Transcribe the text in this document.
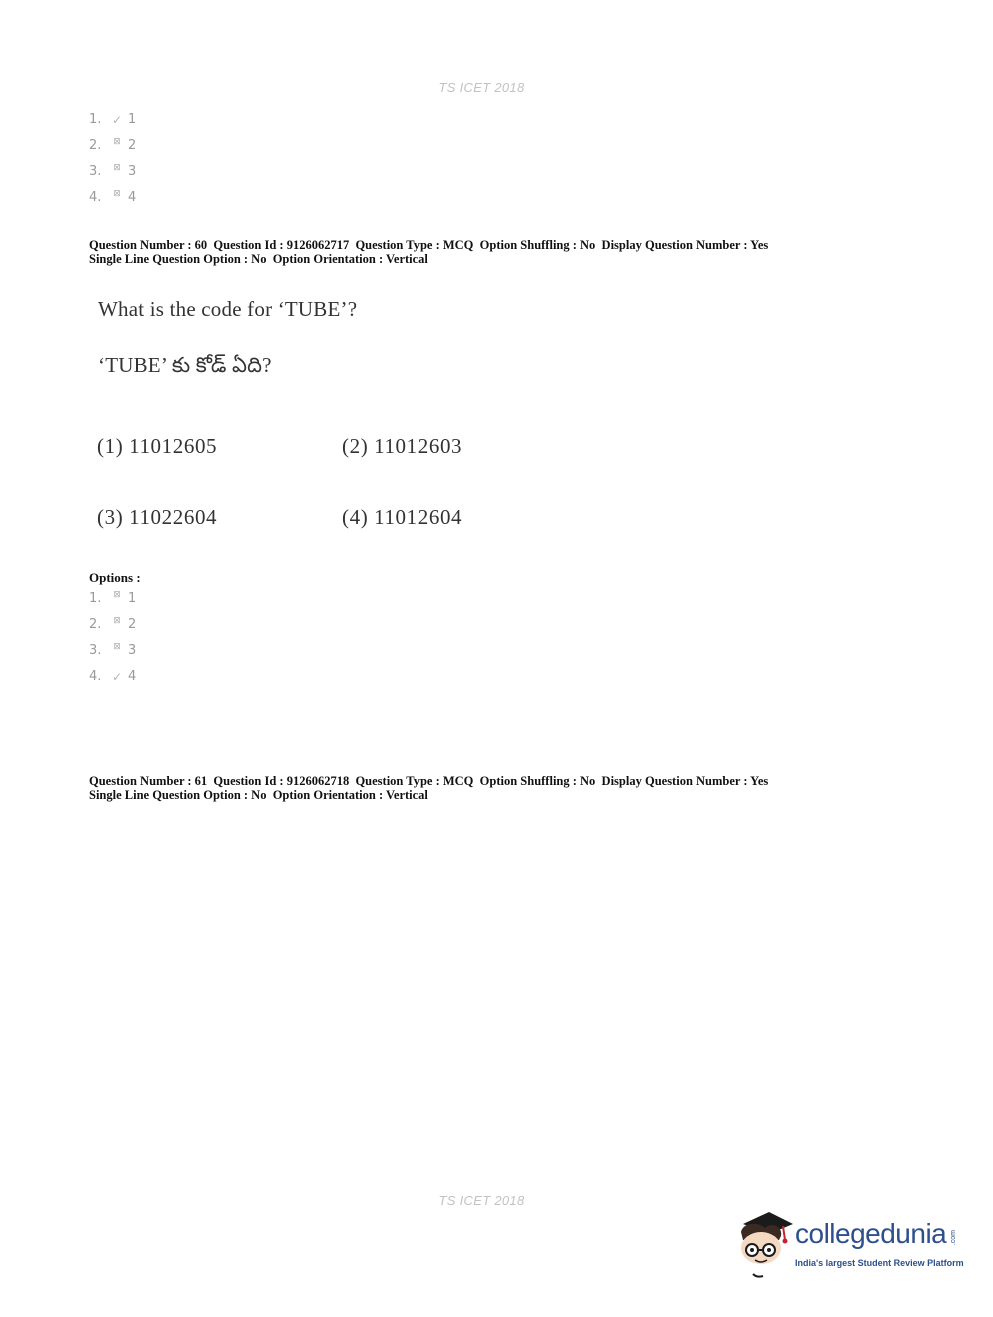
TS ICET 2018
1. ✓ 1
2.	⊠ 2
3.	⊠ 3
4.	⊠ 4
Question Number : 60  Question Id : 9126062717  Question Type : MCQ  Option Shuffling : No  Display Question Number : Yes
Single Line Question Option : No  Option Orientation : Vertical
What is the code for ‘TUBE’?
‘TUBE’ కు కోడ్ ఏది?
(1) 11012605	(2) 11012603
(3) 11022604	(4) 11012604
Options :
1.	⊠ 1
2.	⊠ 2
3.	⊠ 3
4. ✓ 4
Question Number : 61  Question Id : 9126062718  Question Type : MCQ  Option Shuffling : No  Display Question Number : Yes
Single Line Question Option : No  Option Orientation : Vertical
TS ICET 2018
collegedunia .com
India's largest Student Review Platform
